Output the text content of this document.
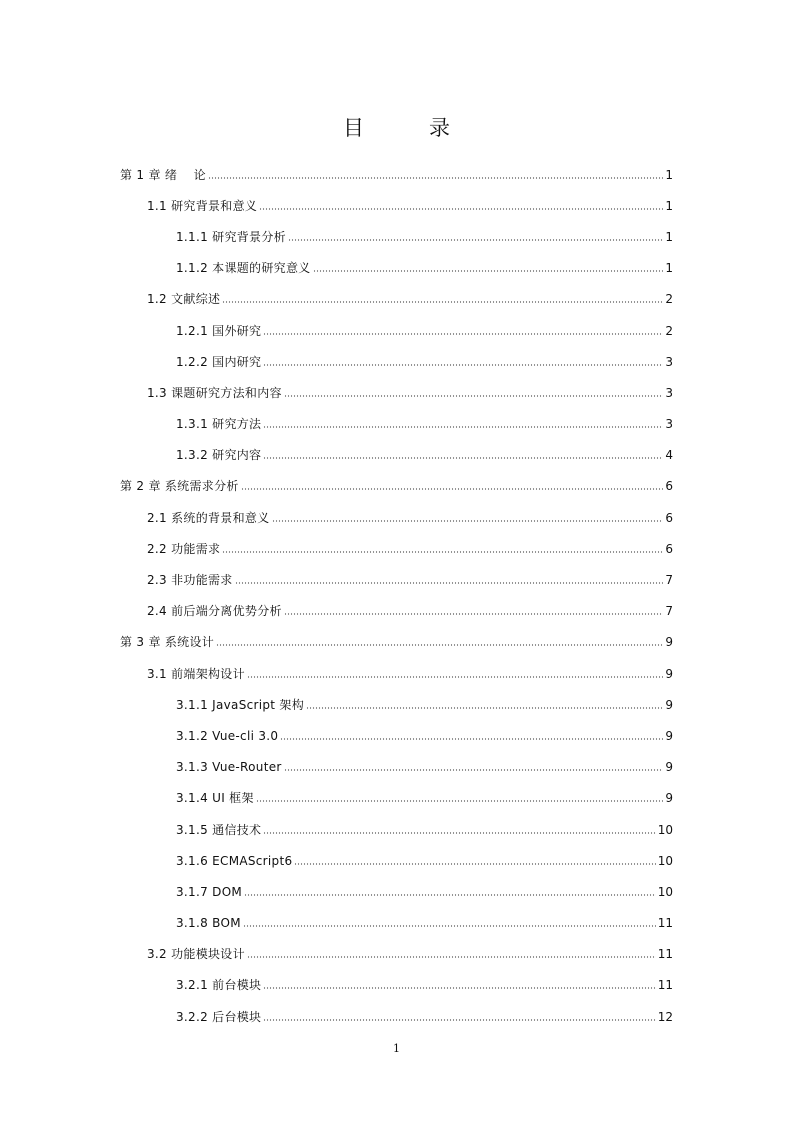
目　录
第 1 章 绪　 论	1
1.1 研究背景和意义	1
1.1.1 研究背景分析	1
1.1.2 本课题的研究意义	1
1.2 文献综述	2
1.2.1 国外研究	2
1.2.2 国内研究	3
1.3 课题研究方法和内容	3
1.3.1 研究方法	3
1.3.2 研究内容	4
第 2 章 系统需求分析	6
2.1 系统的背景和意义	6
2.2 功能需求	6
2.3 非功能需求	7
2.4 前后端分离优势分析	7
第 3 章 系统设计	9
3.1 前端架构设计	9
3.1.1 JavaScript 架构	9
3.1.2 Vue-cli 3.0	9
3.1.3 Vue-Router	9
3.1.4 UI 框架	9
3.1.5 通信技术	10
3.1.6 ECMAScript6	10
3.1.7 DOM	10
3.1.8 BOM	11
3.2 功能模块设计	11
3.2.1 前台模块	11
3.2.2 后台模块	12
1
